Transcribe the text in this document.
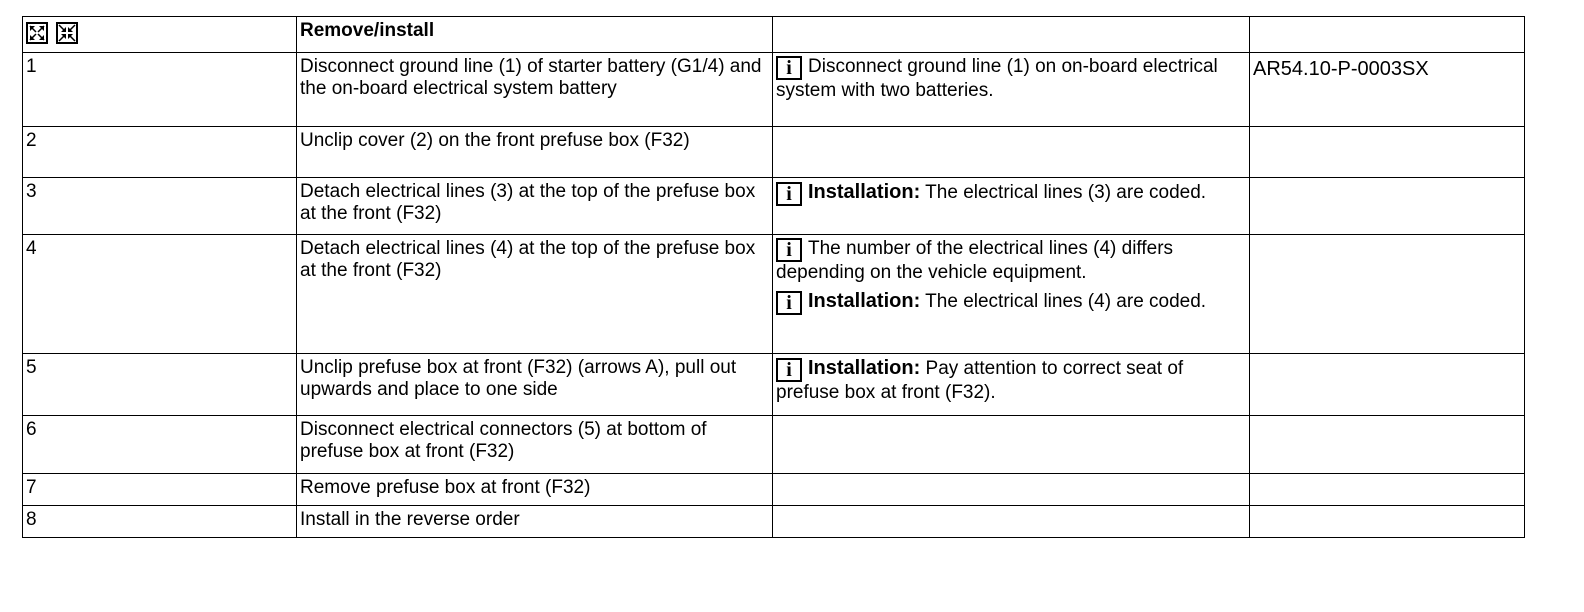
	Remove/install		
1	Disconnect ground line (1) of starter battery (G1/4) and the on-board electrical system battery	i Disconnect ground line (1) on on-board electrical system with two batteries.	AR54.10-P-0003SX
2	Unclip cover (2) on the front prefuse box (F32)		
3	Detach electrical lines (3) at the top of the prefuse box at the front (F32)	i Installation: The electrical lines (3) are coded.	

4	Detach electrical lines (4) at the top of the prefuse box at the front (F32)	i The number of the electrical lines (4) differs depending on the vehicle equipment.

i Installation: The electrical lines (4) are coded.	

5	Unclip prefuse box at front (F32) (arrows A), pull out upwards and place to one side	i Installation: Pay attention to correct seat of prefuse box at front (F32).	

6	Disconnect electrical connectors (5) at bottom of prefuse box at front (F32)		
7	Remove prefuse box at front (F32)		
8	Install in the reverse order		
